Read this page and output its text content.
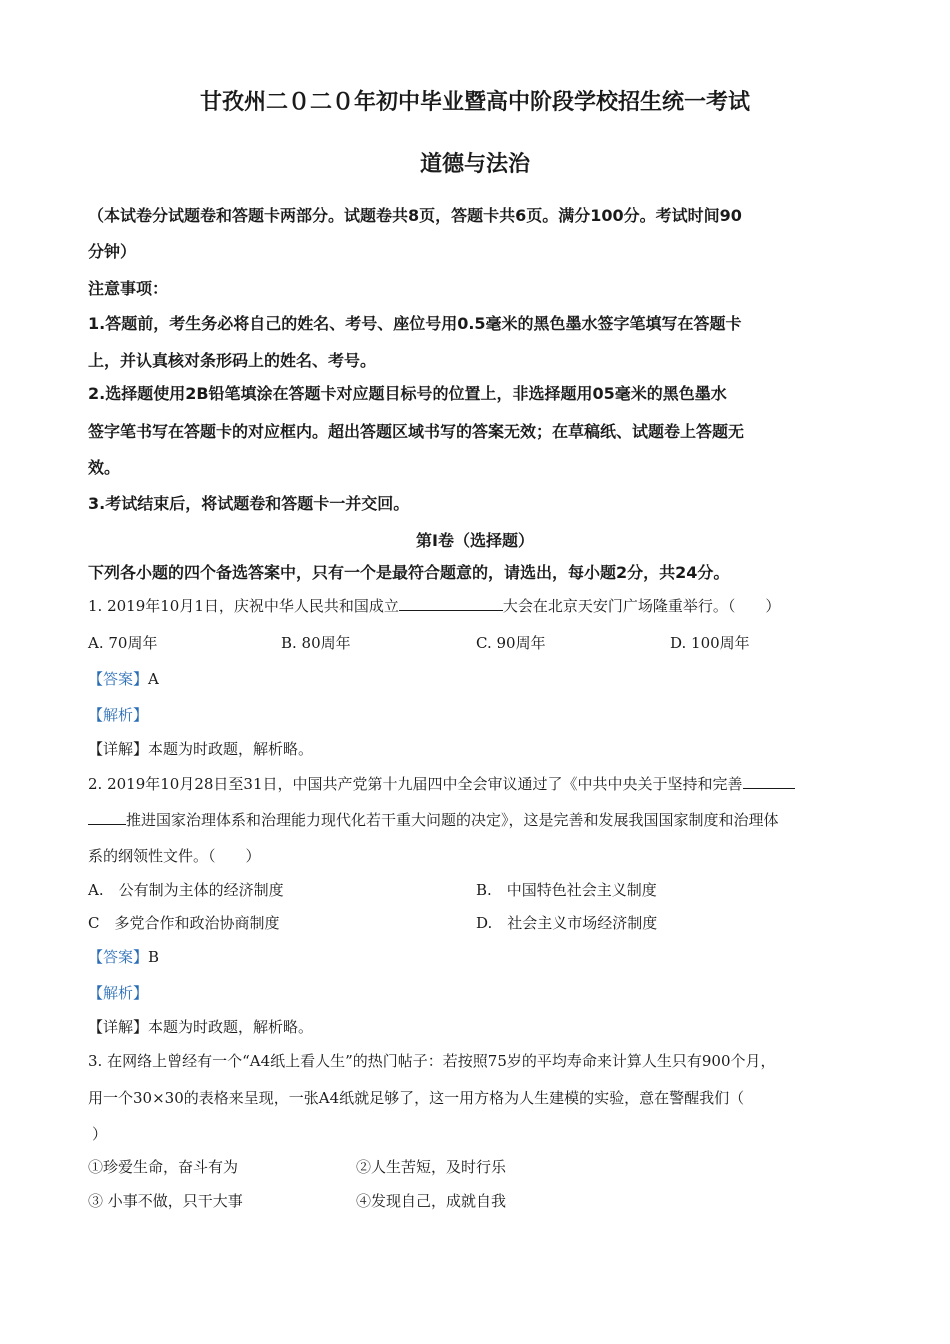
甘孜州二０二０年初中毕业暨高中阶段学校招生统一考试
道德与法治
（本试卷分试题卷和答题卡两部分。试题卷共8页，答题卡共6页。满分100分。考试时间90
分钟）
注意事项：
1.答题前，考生务必将自己的姓名、考号、座位号用0.5毫米的黑色墨水签字笔填写在答题卡
上，并认真核对条形码上的姓名、考号。
2.选择题使用2B铅笔填涂在答题卡对应题目标号的位置上，非选择题用05毫米的黑色墨水
签字笔书写在答题卡的对应框内。超出答题区域书写的答案无效；在草稿纸、试题卷上答题无
效。
3.考试结束后，将试题卷和答题卡一并交回。
第Ⅰ卷（选择题）
下列各小题的四个备选答案中，只有一个是最符合题意的，请选出，每小题2分，共24分。
1. 2019年10月1日，庆祝中华人民共和国成立	大会在北京天安门广场隆重举行。（　　）
A. 70周年	B. 80周年	C. 90周年	D. 100周年
【答案】A
【解析】
【详解】本题为时政题，解析略。
2. 2019年10月28日至31日，中国共产党第十九届四中全会审议通过了《中共中央关于坚持和完善
推进国家治理体系和治理能力现代化若干重大问题的决定》，这是完善和发展我国国家制度和治理体
系的纲领性文件。（　　）
A.　公有制为主体的经济制度	B.　中国特色社会主义制度
C　多党合作和政治协商制度	D.　社会主义市场经济制度
【答案】B
【解析】
【详解】本题为时政题，解析略。
3. 在网络上曾经有一个“A4纸上看人生”的热门帖子：若按照75岁的平均寿命来计算人生只有900个月，
用一个30×30的表格来呈现，一张A4纸就足够了，这一用方格为人生建模的实验，意在警醒我们（
）
①珍爱生命，奋斗有为	②人生苦短，及时行乐
③ 小事不做，只干大事	④发现自己，成就自我
